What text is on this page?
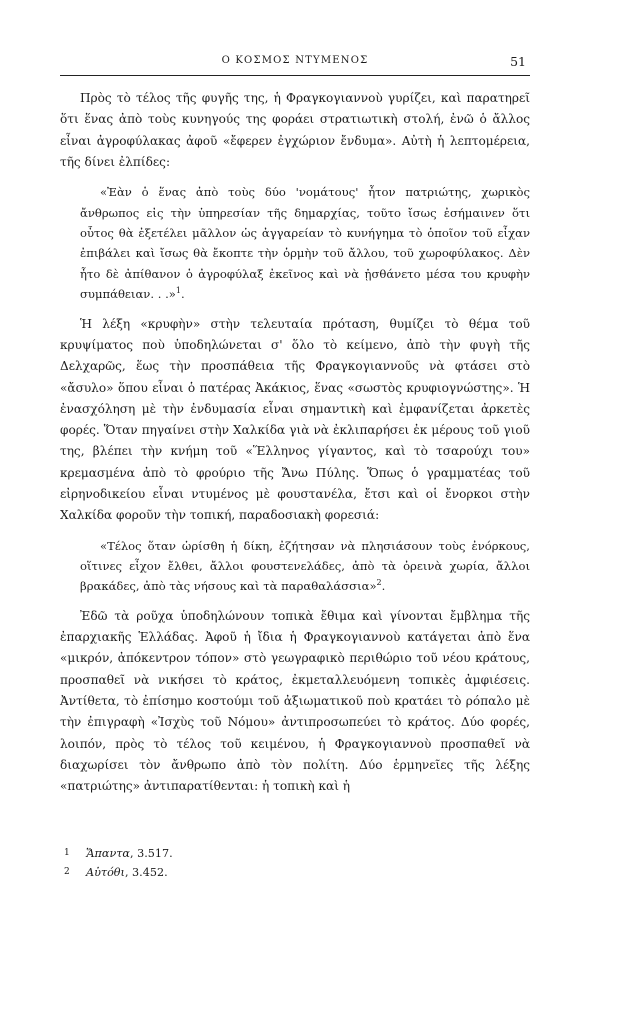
Ο ΚΟΣΜΟΣ ΝΤΥΜΕΝΟΣ	51

Πρὸς τὸ τέλος τῆς φυγῆς της, ἡ Φραγκογιαννοὺ γυρίζει, καὶ παρατηρεῖ ὅτι ἕνας ἀπὸ τοὺς κυνηγούς της φοράει στρατιωτικὴ στολή, ἐνῶ ὁ ἄλλος εἶναι ἀγροφύλακας ἀφοῦ «ἔφερεν ἐγχώριον ἔνδυμα». Αὐτὴ ἡ λεπτομέρεια, τῆς δίνει ἐλπίδες:

«Ἐὰν ὁ ἕνας ἀπὸ τοὺς δύο 'νομάτους' ἦτον πατριώτης, χωρικὸς ἄνθρωπος εἰς τὴν ὑπηρεσίαν τῆς δημαρχίας, τοῦτο ἴσως ἐσήμαινεν ὅτι οὗτος θὰ ἐξετέλει μᾶλλον ὡς ἀγγαρείαν τὸ κυνήγημα τὸ ὁποῖον τοῦ εἶχαν ἐπιβάλει καὶ ἴσως θὰ ἔκοπτε τὴν ὁρμὴν τοῦ ἄλλου, τοῦ χωροφύλακος. Δὲν ἦτο δὲ ἀπίθανον ὁ ἀγροφύλαξ ἐκεῖνος καὶ νὰ ᾐσθάνετο μέσα του κρυφὴν συμπάθειαν. . .»$^1$.

Ἡ λέξη «κρυφὴν» στὴν τελευταία πρόταση, θυμίζει τὸ θέμα τοῦ κρυψίματος ποὺ ὑποδηλώνεται σ' ὅλο τὸ κείμενο, ἀπὸ τὴν φυγὴ τῆς Δελχαρῶς, ἕως τὴν προσπάθεια τῆς Φραγκογιαννοῦς νὰ φτάσει στὸ «ἄσυλο» ὅπου εἶναι ὁ πατέρας Ἀκάκιος, ἕνας «σωστὸς κρυφιογνώστης». Ἡ ἐνασχόληση μὲ τὴν ἐνδυμασία εἶναι σημαντικὴ καὶ ἐμφανίζεται ἀρκετὲς φορές. Ὅταν πηγαίνει στὴν Χαλκίδα γιὰ νὰ ἐκλιπαρήσει ἐκ μέρους τοῦ γιοῦ της, βλέπει τὴν κνήμη τοῦ «Ἕλληνος γίγαντος, καὶ τὸ τσαρούχι του» κρεμασμένα ἀπὸ τὸ φρούριο τῆς Ἄνω Πύλης. Ὅπως ὁ γραμματέας τοῦ εἰρηνοδικείου εἶναι ντυμένος μὲ φουστανέλα, ἔτσι καὶ οἱ ἔνορκοι στὴν Χαλκίδα φοροῦν τὴν τοπική, παραδοσιακὴ φορεσιά:

«Τέλος ὅταν ὡρίσθη ἡ δίκη, ἐζήτησαν νὰ πλησιάσουν τοὺς ἐνόρκους, οἵτινες εἶχον ἔλθει, ἄλλοι φουστενελάδες, ἀπὸ τὰ ὀρεινὰ χωρία, ἄλλοι βρακάδες, ἀπὸ τὰς νήσους καὶ τὰ παραθαλάσσια»$^2$.

Ἐδῶ τὰ ροῦχα ὑποδηλώνουν τοπικὰ ἔθιμα καὶ γίνονται ἔμβλημα τῆς ἐπαρχιακῆς Ἑλλάδας. Ἀφοῦ ἡ ἴδια ἡ Φραγκογιαννοὺ κατάγεται ἀπὸ ἕνα «μικρόν, ἀπόκεντρον τόπον» στὸ γεωγραφικὸ περιθώριο τοῦ νέου κράτους, προσπαθεῖ νὰ νικήσει τὸ κράτος, ἐκμεταλλευόμενη τοπικὲς ἀμφιέσεις. Ἀντίθετα, τὸ ἐπίσημο κοστούμι τοῦ ἀξιωματικοῦ ποὺ κρατάει τὸ ρόπαλο μὲ τὴν ἐπιγραφὴ «Ἰσχὺς τοῦ Νόμου» ἀντιπροσωπεύει τὸ κράτος. Δύο φορές, λοιπόν, πρὸς τὸ τέλος τοῦ κειμένου, ἡ Φραγκογιαννοὺ προσπαθεῖ νὰ διαχωρίσει τὸν ἄνθρωπο ἀπὸ τὸν πολίτη. Δύο ἑρμηνεῖες τῆς λέξης «πατριώτης» ἀντιπαρατίθενται: ἡ τοπικὴ καὶ ἡ

1	Ἅπαντα, 3.517.
2	Αὐτόθι, 3.452.
